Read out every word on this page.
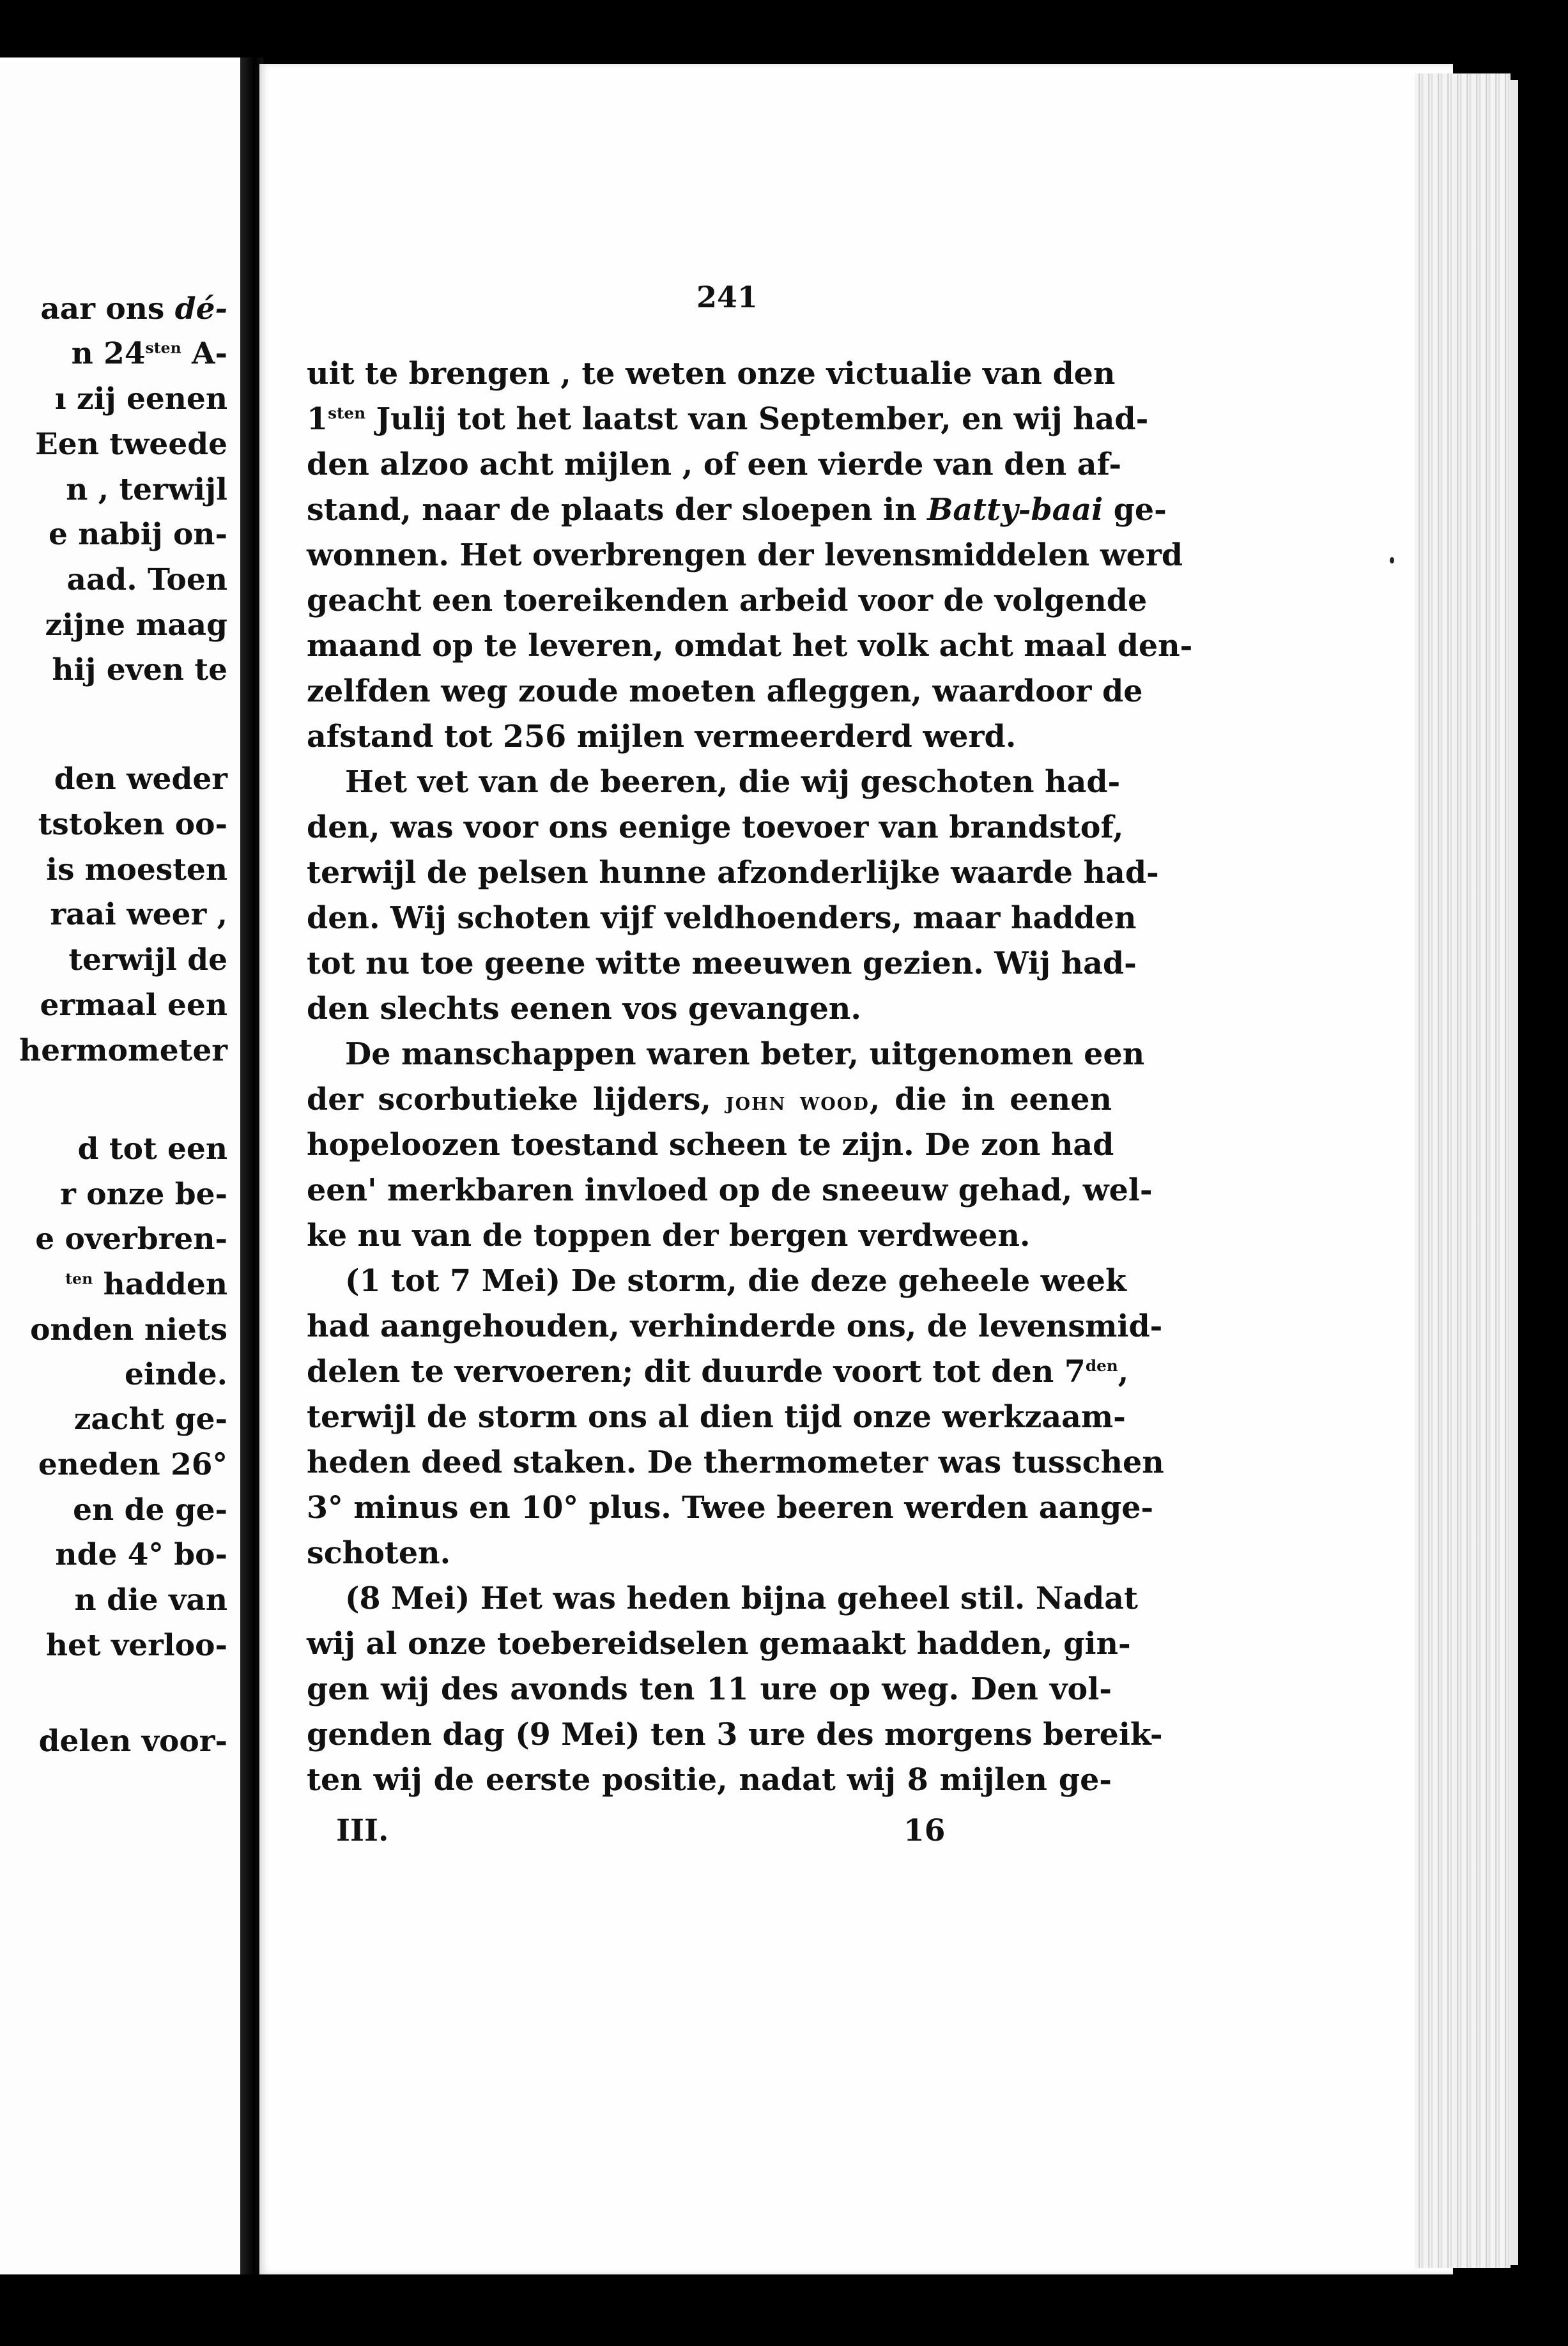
aar ons dé-
n $24^{sten}$ A-
ı zij eenen
Een tweede
n , terwijl
e nabij on-
aad. Toen
zijne maag
hij even te
den weder
tstoken oo-
is moesten
raai weer ,
terwijl de
ermaal een
hermometer
d tot een
r onze be-
e overbren-
$^{ten}$ hadden
onden niets
einde.
zacht ge-
eneden 26°
en de ge-
nde 4° bo-
n die van
het verloo-
delen voor-
241
uit te brengen , te weten onze victualie van den
$1^{sten}$ Julij tot het laatst van September, en wij had-
den alzoo acht mijlen , of een vierde van den af-
stand, naar de plaats der sloepen in Batty-baai ge-
wonnen. Het overbrengen der levensmiddelen werd
geacht een toereikenden arbeid voor de volgende
maand op te leveren, omdat het volk acht maal den-
zelfden weg zoude moeten afleggen, waardoor de
afstand tot 256 mijlen vermeerderd werd.
Het vet van de beeren, die wij geschoten had-
den, was voor ons eenige toevoer van brandstof,
terwijl de pelsen hunne afzonderlijke waarde had-
den. Wij schoten vijf veldhoenders, maar hadden
tot nu toe geene witte meeuwen gezien. Wij had-
den slechts eenen vos gevangen.
De manschappen waren beter, uitgenomen een
der scorbutieke lijders, john wood, die in eenen
hopeloozen toestand scheen te zijn. De zon had
een' merkbaren invloed op de sneeuw gehad, wel-
ke nu van de toppen der bergen verdween.
(1 tot 7 Mei) De storm, die deze geheele week
had aangehouden, verhinderde ons, de levensmid-
delen te vervoeren; dit duurde voort tot den $7^{den}$,
terwijl de storm ons al dien tijd onze werkzaam-
heden deed staken. De thermometer was tusschen
3° minus en 10° plus. Twee beeren werden aange-
schoten.
(8 Mei) Het was heden bijna geheel stil. Nadat
wij al onze toebereidselen gemaakt hadden, gin-
gen wij des avonds ten 11 ure op weg. Den vol-
genden dag (9 Mei) ten 3 ure des morgens bereik-
ten wij de eerste positie, nadat wij 8 mijlen ge-
III.	16
